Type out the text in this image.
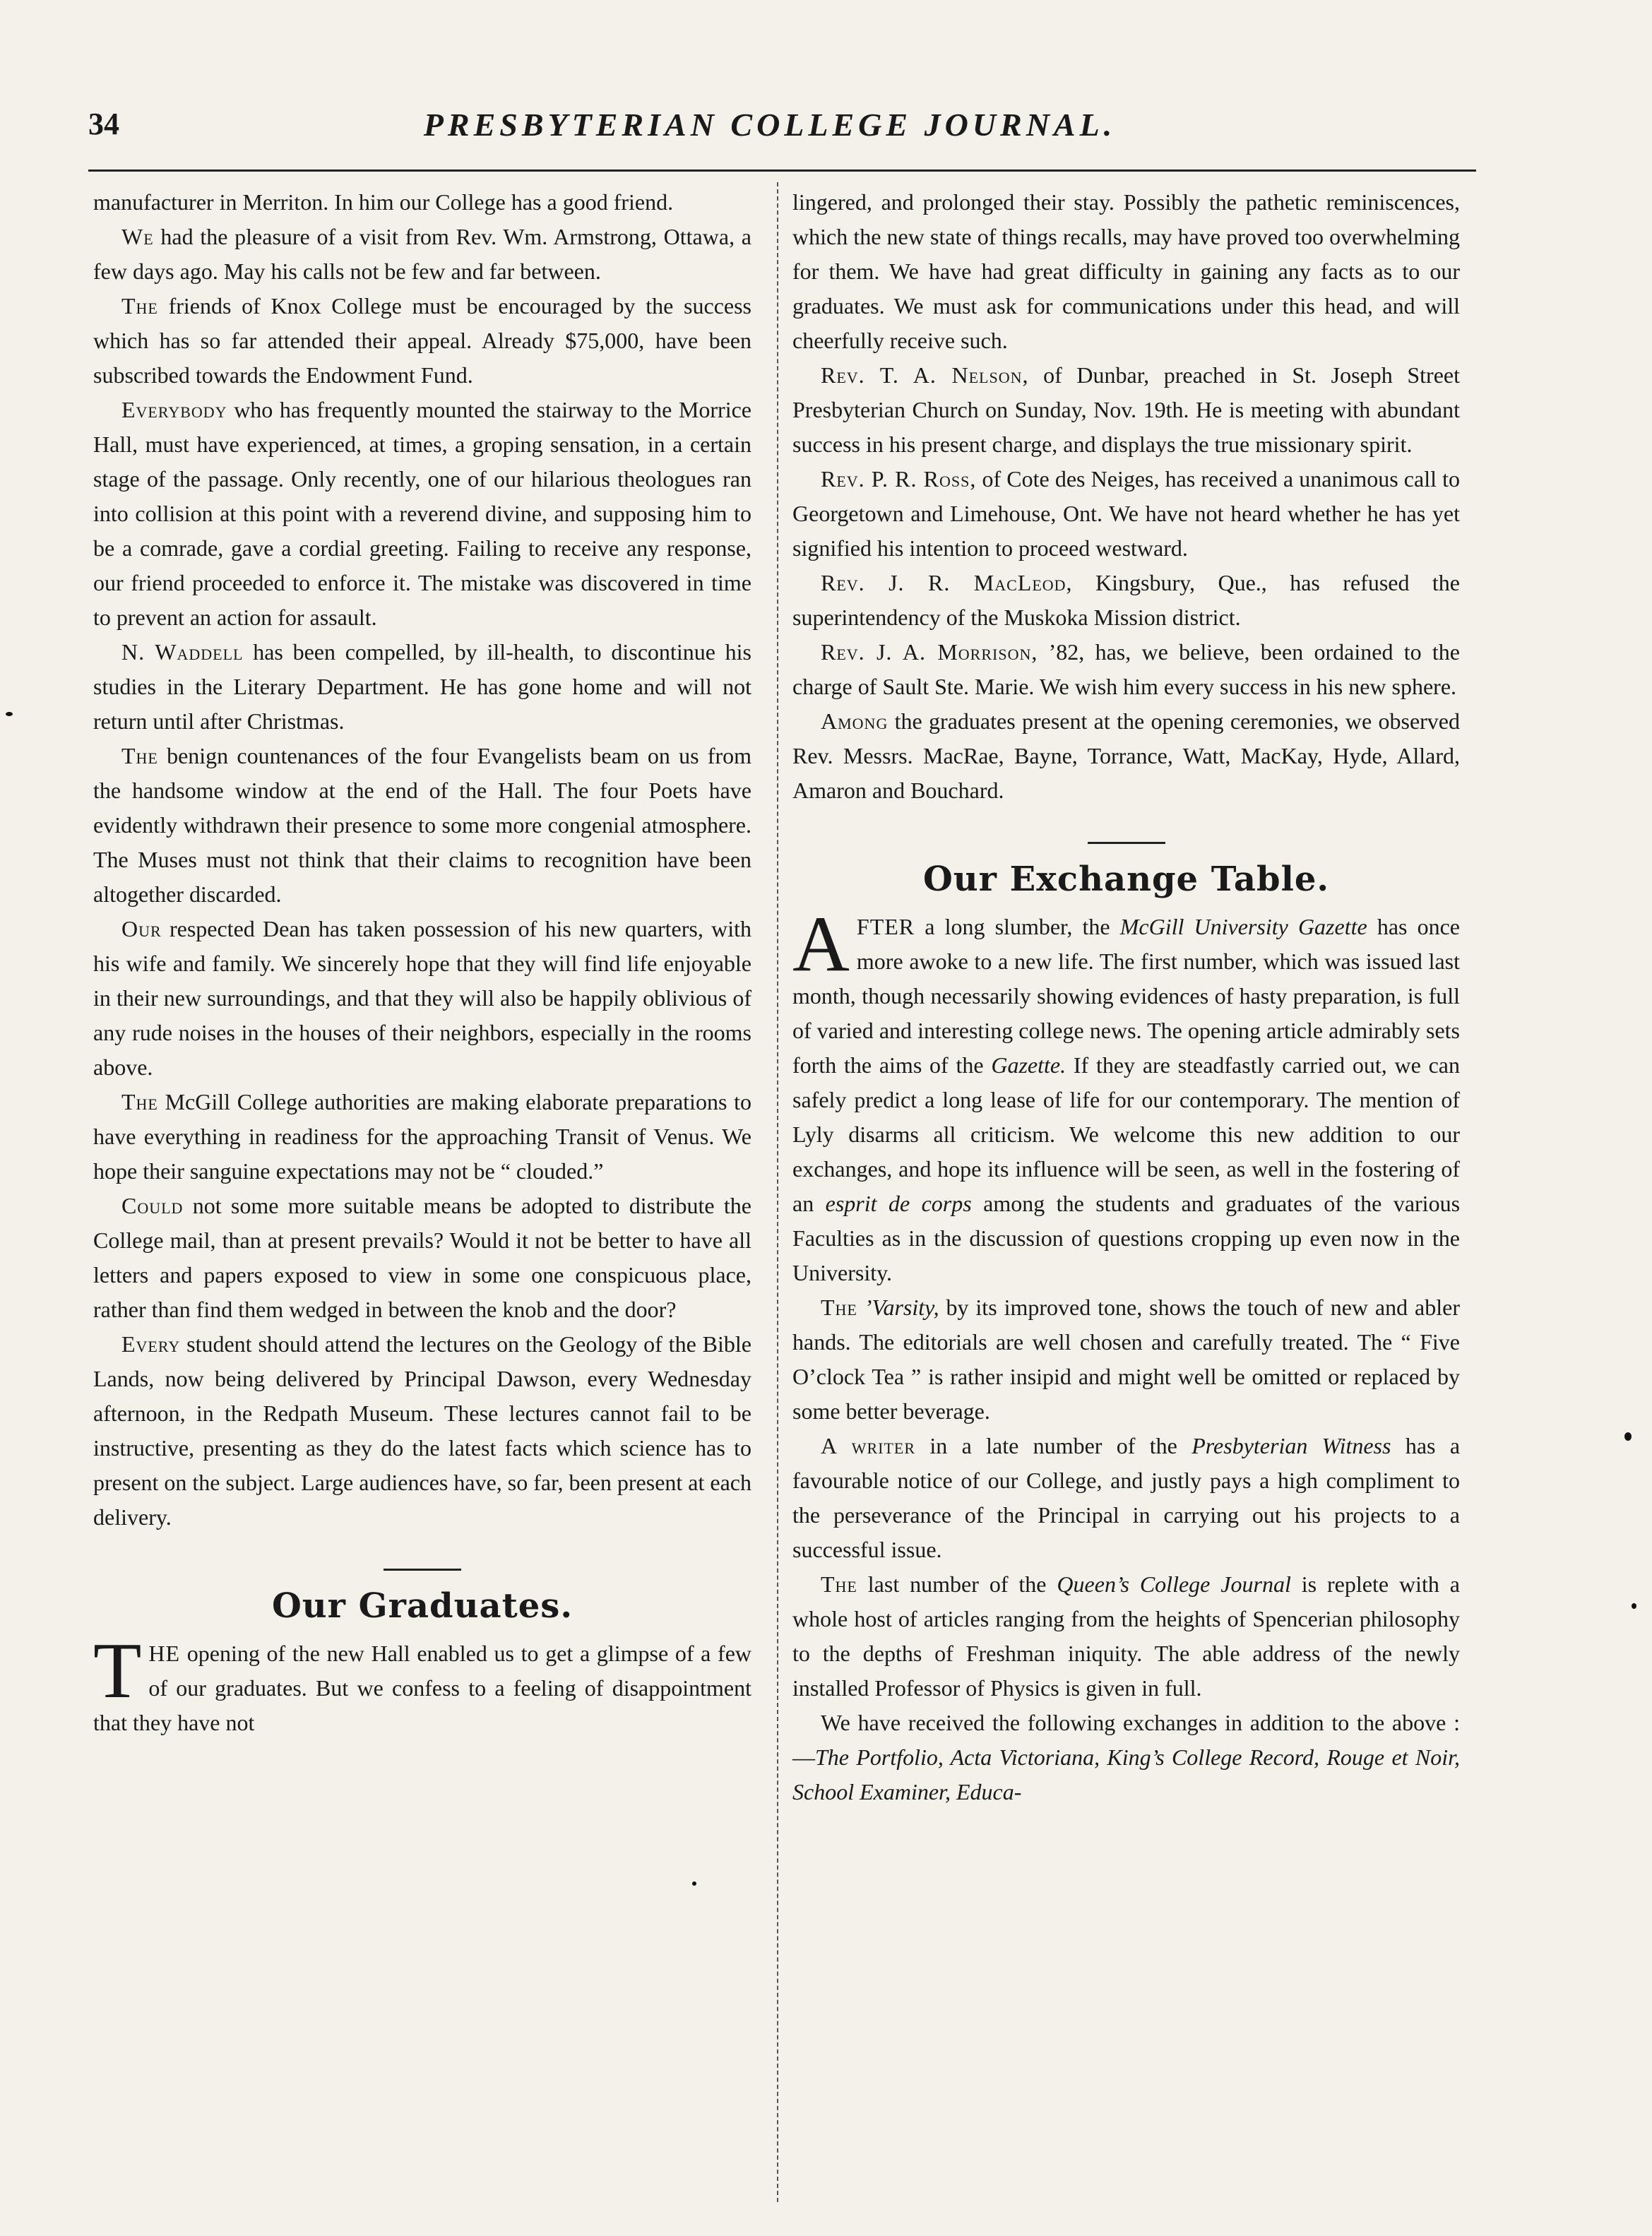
34	PRESBYTERIAN COLLEGE JOURNAL.

manufacturer in Merriton. In him our College has a good friend.

We had the pleasure of a visit from Rev. Wm. Armstrong, Ottawa, a few days ago. May his calls not be few and far between.

The friends of Knox College must be encouraged by the success which has so far attended their appeal. Already $75,000, have been subscribed towards the Endowment Fund.

Everybody who has frequently mounted the stairway to the Morrice Hall, must have experienced, at times, a groping sensation, in a certain stage of the passage. Only recently, one of our hilarious theologues ran into collision at this point with a reverend divine, and supposing him to be a comrade, gave a cordial greeting. Failing to receive any response, our friend proceeded to enforce it. The mistake was discovered in time to prevent an action for assault.

N. Waddell has been compelled, by ill-health, to discontinue his studies in the Literary Department. He has gone home and will not return until after Christmas.

The benign countenances of the four Evangelists beam on us from the handsome window at the end of the Hall. The four Poets have evidently withdrawn their presence to some more congenial atmosphere. The Muses must not think that their claims to recognition have been altogether discarded.

Our respected Dean has taken possession of his new quarters, with his wife and family. We sincerely hope that they will find life enjoyable in their new surroundings, and that they will also be happily oblivious of any rude noises in the houses of their neighbors, especially in the rooms above.

The McGill College authorities are making elaborate preparations to have everything in readiness for the approaching Transit of Venus. We hope their sanguine expectations may not be “ clouded.”

Could not some more suitable means be adopted to distribute the College mail, than at present prevails? Would it not be better to have all letters and papers exposed to view in some one conspicuous place, rather than find them wedged in between the knob and the door?

Every student should attend the lectures on the Geology of the Bible Lands, now being delivered by Principal Dawson, every Wednesday afternoon, in the Redpath Museum. These lectures cannot fail to be instructive, presenting as they do the latest facts which science has to present on the subject. Large audiences have, so far, been present at each delivery.

Our Graduates.

THE opening of the new Hall enabled us to get a glimpse of a few of our graduates. But we confess to a feeling of disappointment that they have not

lingered, and prolonged their stay. Possibly the pathetic reminiscences, which the new state of things recalls, may have proved too overwhelming for them. We have had great difficulty in gaining any facts as to our graduates. We must ask for communications under this head, and will cheerfully receive such.

Rev. T. A. Nelson, of Dunbar, preached in St. Joseph Street Presbyterian Church on Sunday, Nov. 19th. He is meeting with abundant success in his present charge, and displays the true missionary spirit.

Rev. P. R. Ross, of Cote des Neiges, has received a unanimous call to Georgetown and Limehouse, Ont. We have not heard whether he has yet signified his intention to proceed westward.

Rev. J. R. MacLeod, Kingsbury, Que., has refused the superintendency of the Muskoka Mission district.

Rev. J. A. Morrison, ’82, has, we believe, been ordained to the charge of Sault Ste. Marie. We wish him every success in his new sphere.

Among the graduates present at the opening ceremonies, we observed Rev. Messrs. MacRae, Bayne, Torrance, Watt, MacKay, Hyde, Allard, Amaron and Bouchard.

Our Exchange Table.

AFTER a long slumber, the McGill University Gazette has once more awoke to a new life. The first number, which was issued last month, though necessarily showing evidences of hasty preparation, is full of varied and interesting college news. The opening article admirably sets forth the aims of the Gazette. If they are steadfastly carried out, we can safely predict a long lease of life for our contemporary. The mention of Lyly disarms all criticism. We welcome this new addition to our exchanges, and hope its influence will be seen, as well in the fostering of an esprit de corps among the students and graduates of the various Faculties as in the discussion of questions cropping up even now in the University.

The ’Varsity, by its improved tone, shows the touch of new and abler hands. The editorials are well chosen and carefully treated. The “ Five O’clock Tea ” is rather insipid and might well be omitted or replaced by some better beverage.

A writer in a late number of the Presbyterian Witness has a favourable notice of our College, and justly pays a high compliment to the perseverance of the Principal in carrying out his projects to a successful issue.

The last number of the Queen’s College Journal is replete with a whole host of articles ranging from the heights of Spencerian philosophy to the depths of Freshman iniquity. The able address of the newly installed Professor of Physics is given in full.

We have received the following exchanges in addition to the above :—The Portfolio, Acta Victoriana, King’s College Record, Rouge et Noir, School Examiner, Educa-
